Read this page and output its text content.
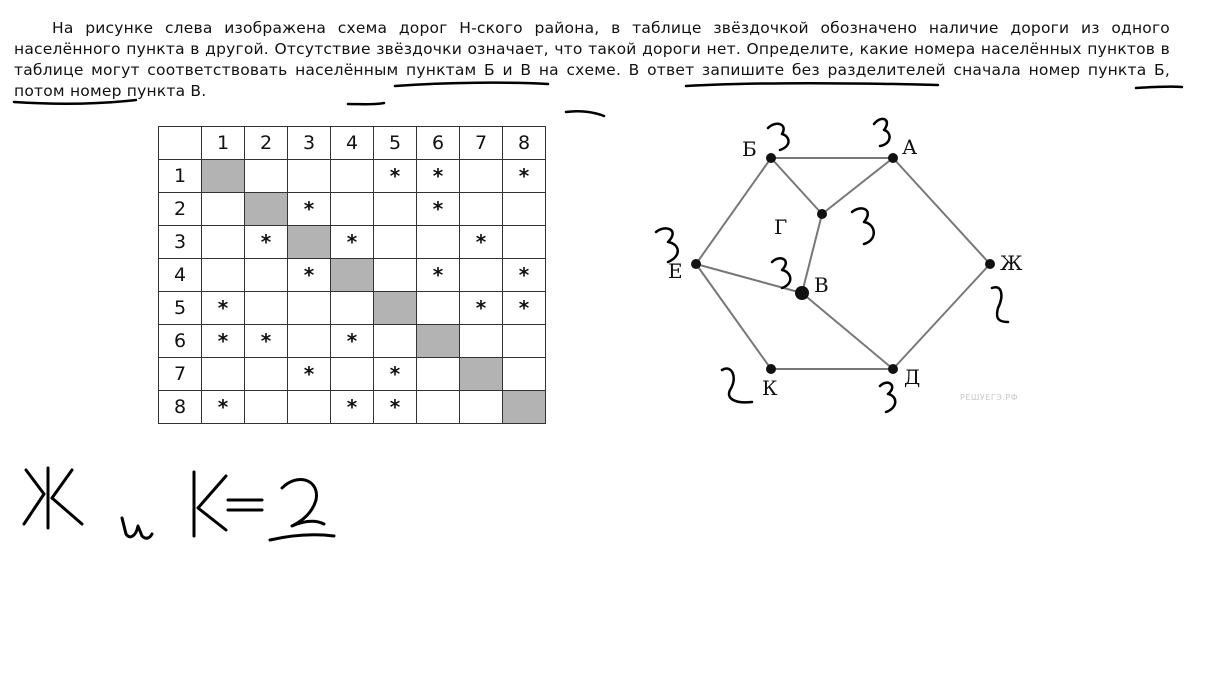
На рисунке слева изображена схема дорог Н-ского района, в таблице звёздочкой обозначено наличие дороги из одного населённого пункта в другой. Отсутствие звёздочки означает, что такой дороги нет. Определите, какие номера населённых пунктов в таблице могут соответствовать населённым пунктам Б и В на схеме. В ответ запишите без разделителей сначала номер пункта Б, потом номер пункта В.
	1	2	3	4	5	6	7	8
1					*	*		*
2			*			*		
3		*		*			*	
4			*			*		*
5	*						*	*
6	*	*		*				
7			*		*			
8	*			*	*			
Б	А
Г
Е
В
Ж
К	Д
РЕШУЕГЭ.РФ
